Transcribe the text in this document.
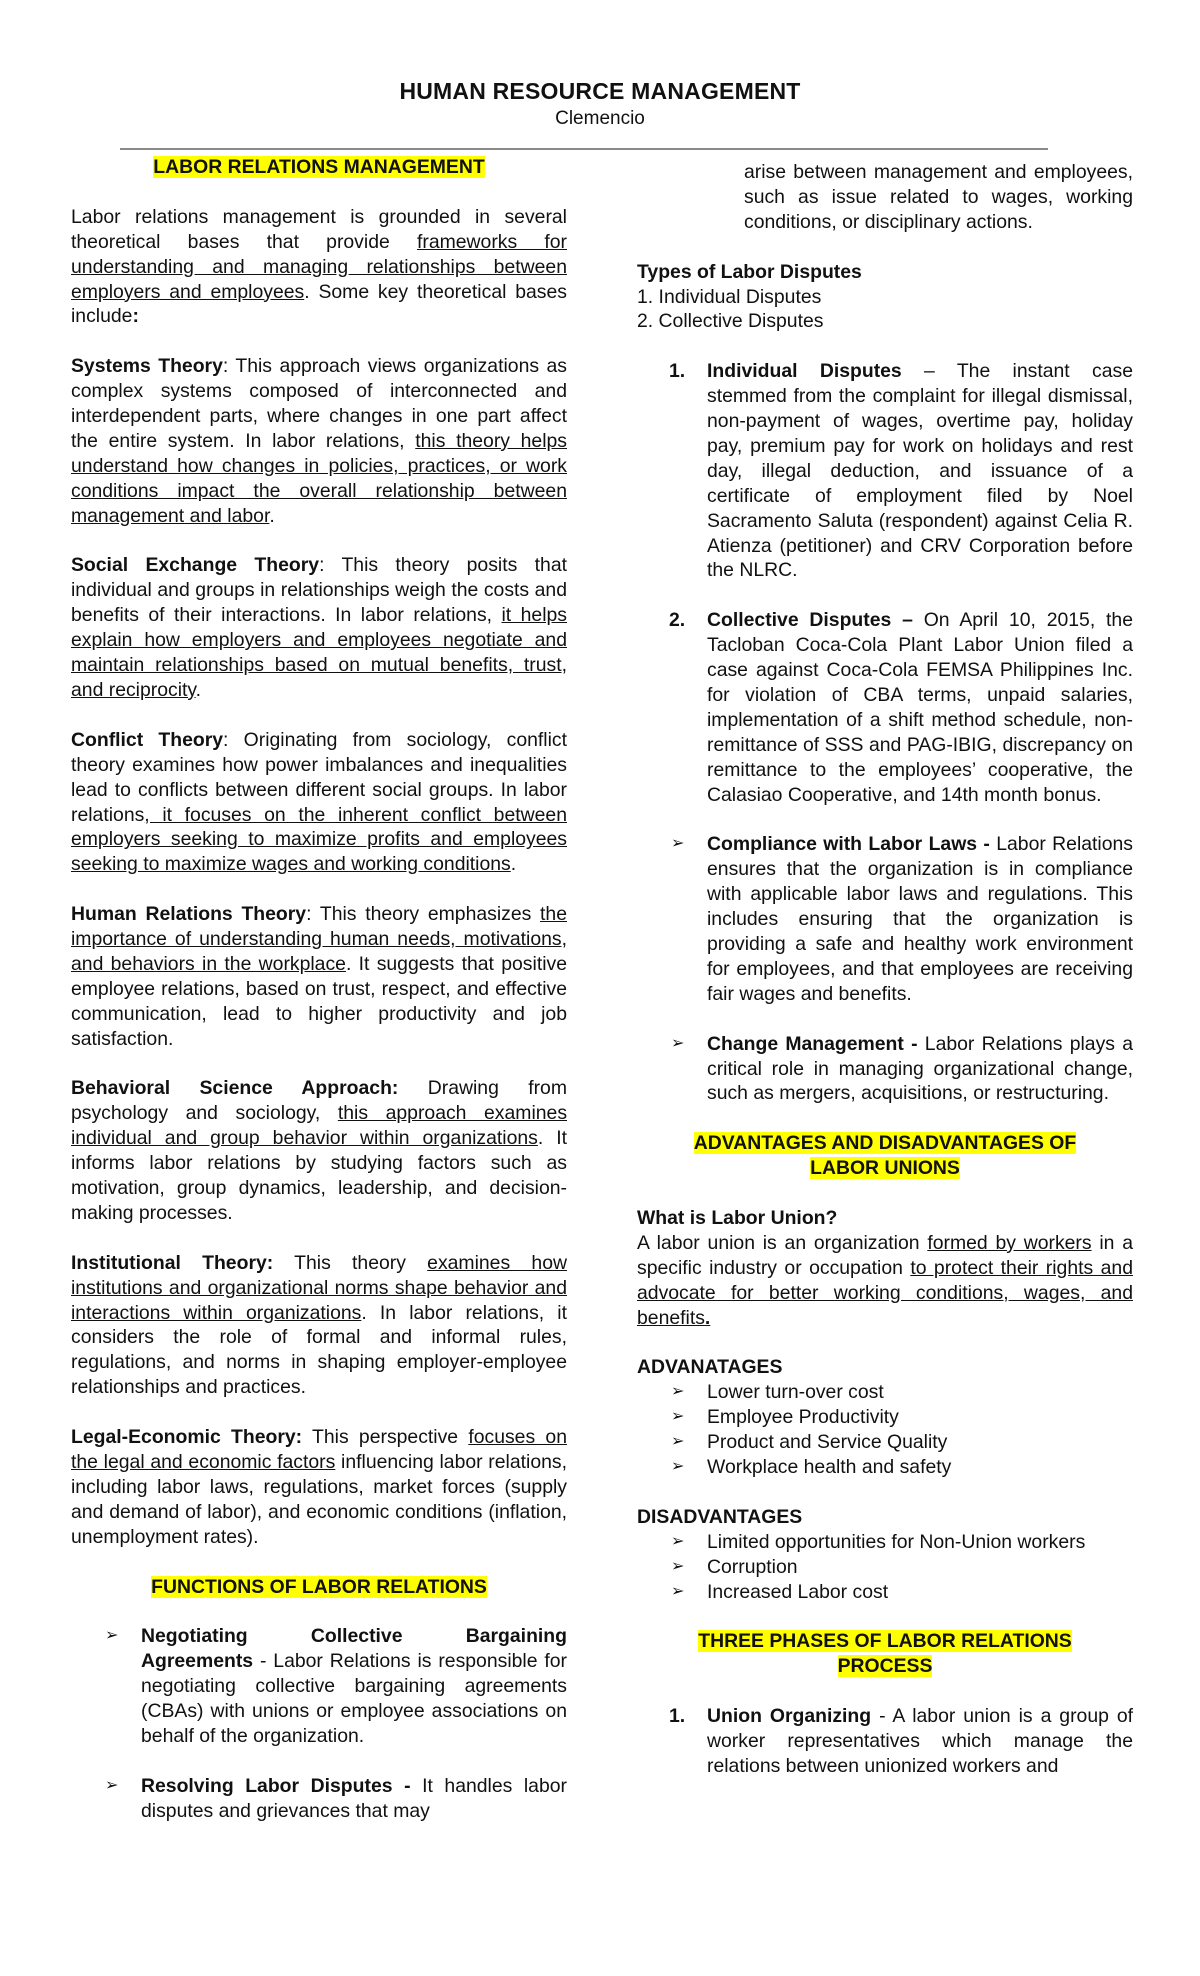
HUMAN RESOURCE MANAGEMENT
Clemencio

LABOR RELATIONS MANAGEMENT

Labor relations management is grounded in several theoretical bases that provide frameworks for understanding and managing relationships between employers and employees. Some key theoretical bases include:

Systems Theory: This approach views organizations as complex systems composed of interconnected and interdependent parts, where changes in one part affect the entire system. In labor relations, this theory helps understand how changes in policies, practices, or work conditions impact the overall relationship between management and labor.

Social Exchange Theory: This theory posits that individual and groups in relationships weigh the costs and benefits of their interactions. In labor relations, it helps explain how employers and employees negotiate and maintain relationships based on mutual benefits, trust, and reciprocity.

Conflict Theory: Originating from sociology, conflict theory examines how power imbalances and inequalities lead to conflicts between different social groups. In labor relations, it focuses on the inherent conflict between employers seeking to maximize profits and employees seeking to maximize wages and working conditions.

Human Relations Theory: This theory emphasizes the importance of understanding human needs, motivations, and behaviors in the workplace. It suggests that positive employee relations, based on trust, respect, and effective communication, lead to higher productivity and job satisfaction.

Behavioral Science Approach: Drawing from psychology and sociology, this approach examines individual and group behavior within organizations. It informs labor relations by studying factors such as motivation, group dynamics, leadership, and decision-making processes.

Institutional Theory: This theory examines how institutions and organizational norms shape behavior and interactions within organizations. In labor relations, it considers the role of formal and informal rules, regulations, and norms in shaping employer-employee relationships and practices.

Legal-Economic Theory: This perspective focuses on the legal and economic factors influencing labor relations, including labor laws, regulations, market forces (supply and demand of labor), and economic conditions (inflation, unemployment rates).

FUNCTIONS OF LABOR RELATIONS

➢ Negotiating Collective Bargaining Agreements - Labor Relations is responsible for negotiating collective bargaining agreements (CBAs) with unions or employee associations on behalf of the organization.
➢ Resolving Labor Disputes - It handles labor disputes and grievances that may
arise between management and employees, such as issue related to wages, working conditions, or disciplinary actions.

Types of Labor Disputes

1. Individual Disputes

2. Collective Disputes

1. Individual Disputes – The instant case stemmed from the complaint for illegal dismissal, non-payment of wages, overtime pay, holiday pay, premium pay for work on holidays and rest day, illegal deduction, and issuance of a certificate of employment filed by Noel Sacramento Saluta (respondent) against Celia R. Atienza (petitioner) and CRV Corporation before the NLRC.
2. Collective Disputes – On April 10, 2015, the Tacloban Coca-Cola Plant Labor Union filed a case against Coca-Cola FEMSA Philippines Inc. for violation of CBA terms, unpaid salaries, implementation of a shift method schedule, non-remittance of SSS and PAG-IBIG, discrepancy on remittance to the employees’ cooperative, the Calasiao Cooperative, and 14th month bonus.
➢ Compliance with Labor Laws - Labor Relations ensures that the organization is in compliance with applicable labor laws and regulations. This includes ensuring that the organization is providing a safe and healthy work environment for employees, and that employees are receiving fair wages and benefits.
➢ Change Management - Labor Relations plays a critical role in managing organizational change, such as mergers, acquisitions, or restructuring.

ADVANTAGES AND DISADVANTAGES OF
LABOR UNIONS

What is Labor Union?

A labor union is an organization formed by workers in a specific industry or occupation to protect their rights and advocate for better working conditions, wages, and benefits.

ADVANATAGES

➢ Lower turn-over cost
➢ Employee Productivity
➢ Product and Service Quality
➢ Workplace health and safety

DISADVANTAGES

➢ Limited opportunities for Non-Union workers
➢ Corruption
➢ Increased Labor cost

THREE PHASES OF LABOR RELATIONS
PROCESS

1. Union Organizing - A labor union is a group of worker representatives which manage the relations between unionized workers and
